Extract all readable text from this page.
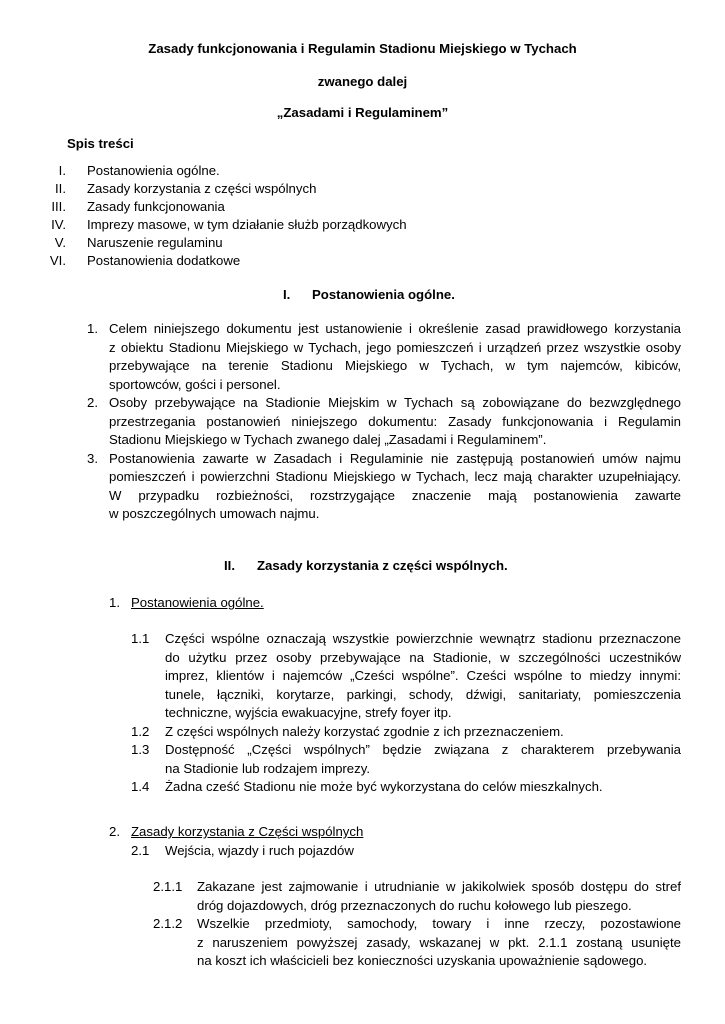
Zasady funkcjonowania i Regulamin Stadionu Miejskiego w Tychach
zwanego dalej
„Zasadami i Regulaminem”
Spis treści
I. Postanowienia ogólne.
II. Zasady korzystania z części wspólnych
III. Zasady funkcjonowania
IV. Imprezy masowe, w tym działanie służb porządkowych
V. Naruszenie regulaminu
VI. Postanowienia dodatkowe
I. Postanowienia ogólne.
1. Celem niniejszego dokumentu jest ustanowienie i określenie zasad prawidłowego korzystania
z obiektu Stadionu Miejskiego w Tychach, jego pomieszczeń i urządzeń przez wszystkie osoby
przebywające na terenie Stadionu Miejskiego w Tychach, w tym najemców, kibiców,
sportowców, gości i personel.
2. Osoby przebywające na Stadionie Miejskim w Tychach są zobowiązane do bezwzględnego
przestrzegania postanowień niniejszego dokumentu: Zasady funkcjonowania i Regulamin
Stadionu Miejskiego w Tychach zwanego dalej „Zasadami i Regulaminem”.
3. Postanowienia zawarte w Zasadach i Regulaminie nie zastępują postanowień umów najmu
pomieszczeń i powierzchni Stadionu Miejskiego w Tychach, lecz mają charakter uzupełniający.
W przypadku rozbieżności, rozstrzygające znaczenie mają postanowienia zawarte
w poszczególnych umowach najmu.
II. Zasady korzystania z części wspólnych.
1. Postanowienia ogólne.
1.1 Części wspólne oznaczają wszystkie powierzchnie wewnątrz stadionu przeznaczone
do użytku przez osoby przebywające na Stadionie, w szczególności uczestników
imprez, klientów i najemców „Cześci wspólne”. Cześci wspólne to miedzy innymi:
tunele, łączniki, korytarze, parkingi, schody, dźwigi, sanitariaty, pomieszczenia
techniczne, wyjścia ewakuacyjne, strefy foyer itp.
1.2 Z części wspólnych należy korzystać zgodnie z ich przeznaczeniem.
1.3 Dostępność „Części wspólnych” będzie związana z charakterem przebywania
na Stadionie lub rodzajem imprezy.
1.4 Żadna cześć Stadionu nie może być wykorzystana do celów mieszkalnych.
2. Zasady korzystania z Części wspólnych
2.1 Wejścia, wjazdy i ruch pojazdów
2.1.1 Zakazane jest zajmowanie i utrudnianie w jakikolwiek sposób dostępu do stref
dróg dojazdowych, dróg przeznaczonych do ruchu kołowego lub pieszego.
2.1.2 Wszelkie przedmioty, samochody, towary i inne rzeczy, pozostawione
z naruszeniem powyższej zasady, wskazanej w pkt. 2.1.1 zostaną usunięte
na koszt ich właścicieli bez konieczności uzyskania upoważnienie sądowego.
